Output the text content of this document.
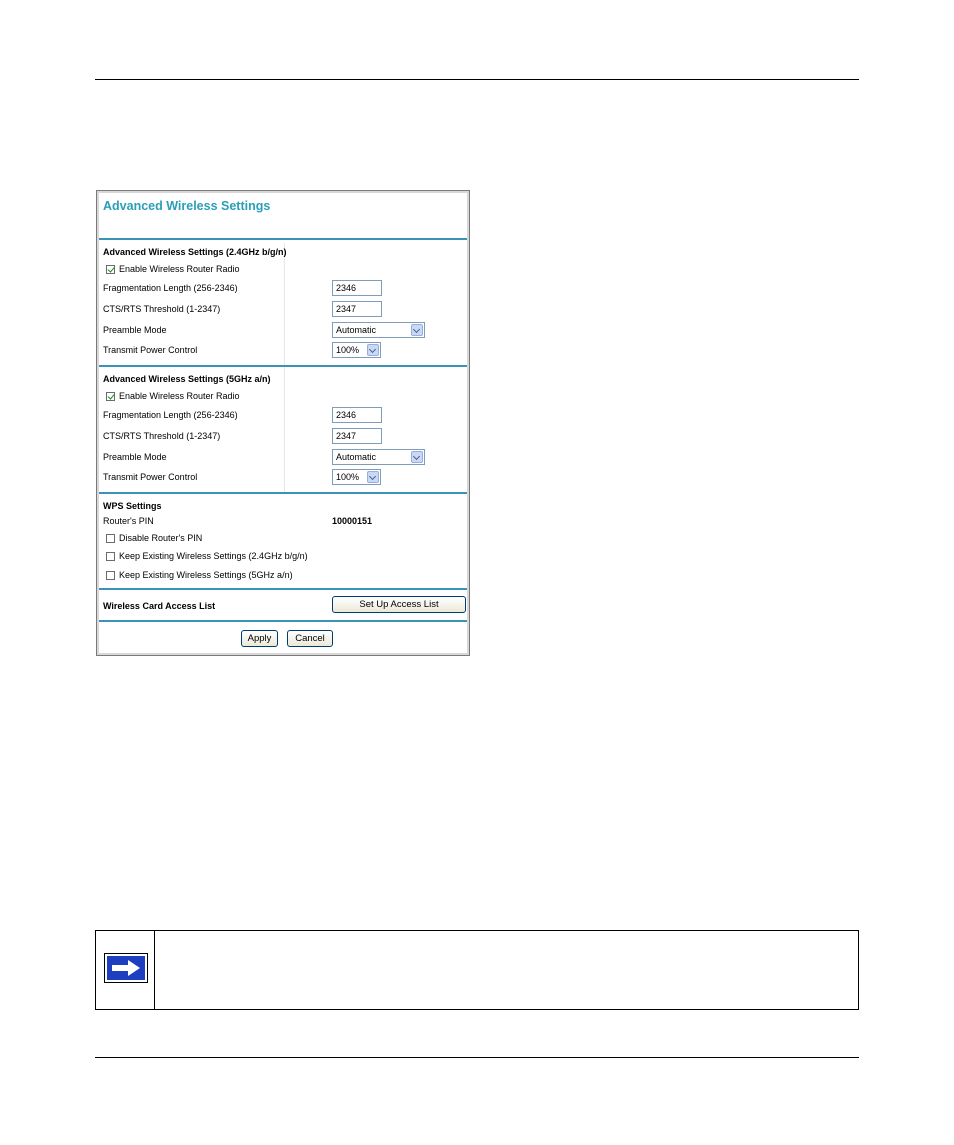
Advanced Wireless Settings
Advanced Wireless Settings (2.4GHz b/g/n)
Enable Wireless Router Radio
Fragmentation Length (256-2346)	2346
CTS/RTS Threshold (1-2347)	2347
Preamble Mode	Automatic
Transmit Power Control	100%
Advanced Wireless Settings (5GHz a/n)
Enable Wireless Router Radio
Fragmentation Length (256-2346)	2346
CTS/RTS Threshold (1-2347)	2347
Preamble Mode	Automatic
Transmit Power Control	100%
WPS Settings
Router's PIN	10000151
Disable Router's PIN
Keep Existing Wireless Settings (2.4GHz b/g/n)
Keep Existing Wireless Settings (5GHz a/n)
Wireless Card Access List	Set Up Access List
Apply	Cancel
